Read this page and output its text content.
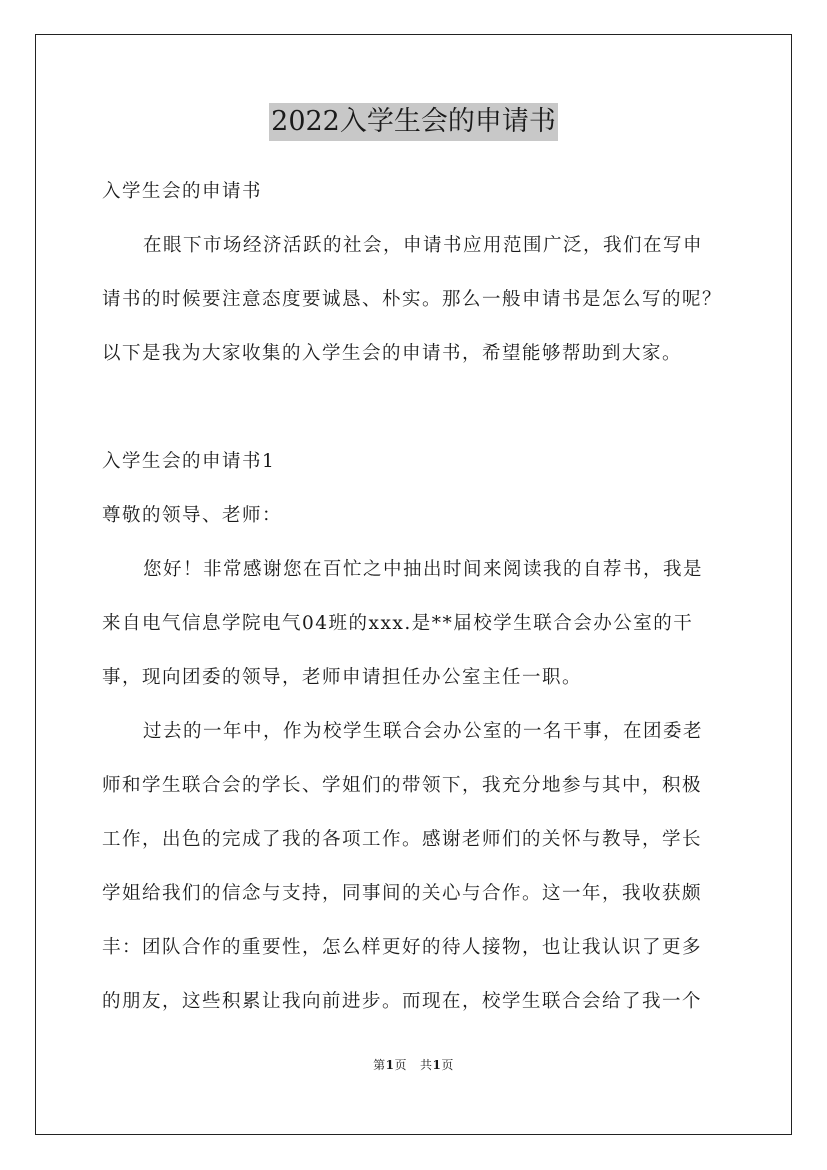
2022入学生会的申请书
入学生会的申请书
在眼下市场经济活跃的社会，申请书应用范围广泛，我们在写申
请书的时候要注意态度要诚恳、朴实。那么一般申请书是怎么写的呢？
以下是我为大家收集的入学生会的申请书，希望能够帮助到大家。
入学生会的申请书1
尊敬的领导、老师：
您好！非常感谢您在百忙之中抽出时间来阅读我的自荐书，我是
来自电气信息学院电气04班的xxx.是**届校学生联合会办公室的干
事，现向团委的领导，老师申请担任办公室主任一职。
过去的一年中，作为校学生联合会办公室的一名干事，在团委老
师和学生联合会的学长、学姐们的带领下，我充分地参与其中，积极
工作，出色的完成了我的各项工作。感谢老师们的关怀与教导，学长
学姐给我们的信念与支持，同事间的关心与合作。这一年，我收获颇
丰：团队合作的重要性，怎么样更好的待人接物，也让我认识了更多
的朋友，这些积累让我向前进步。而现在，校学生联合会给了我一个
第1页 共1页
